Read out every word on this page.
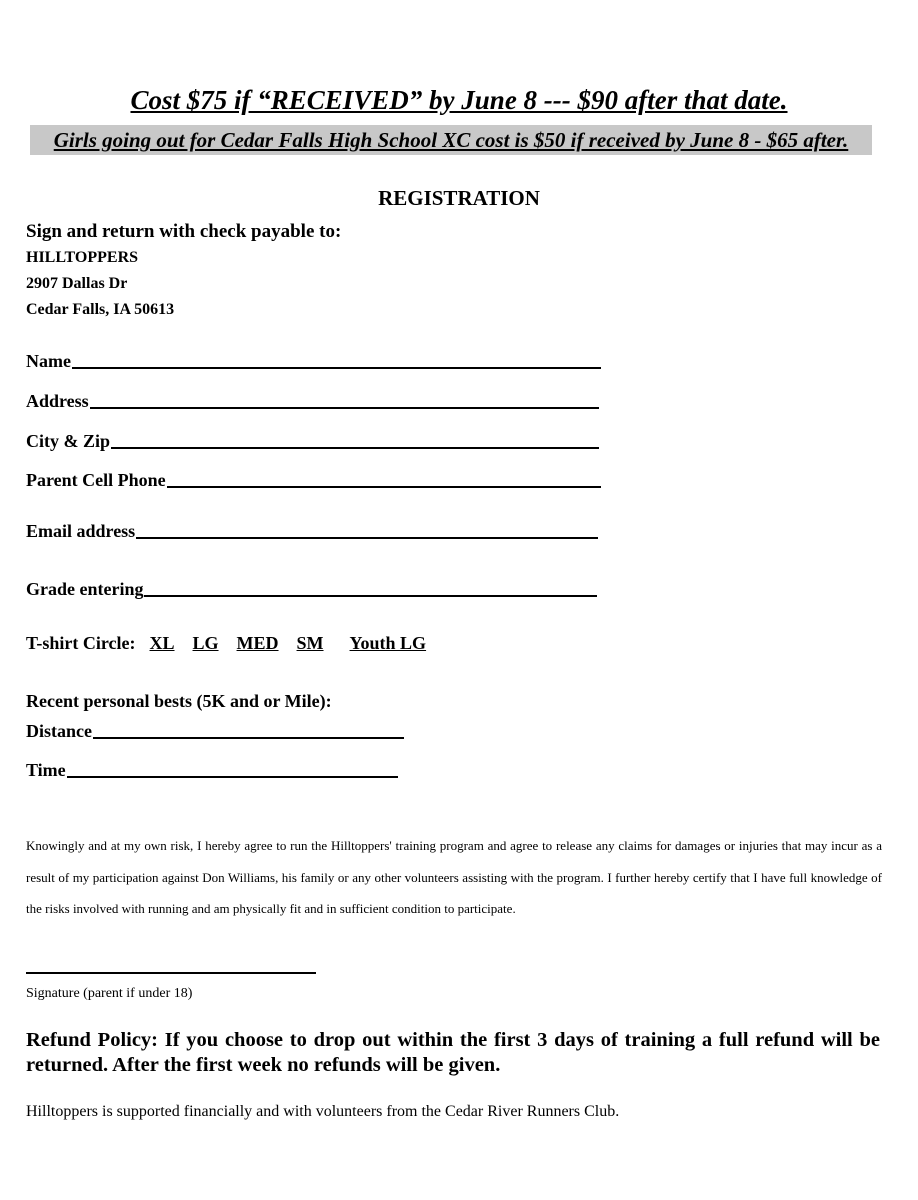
Cost $75 if “RECEIVED” by June 8 --- $90 after that date.
Girls going out for Cedar Falls High School XC cost is $50 if received by June 8 - $65 after.
REGISTRATION
Sign and return with check payable to:
HILLTOPPERS
2907 Dallas Dr
Cedar Falls, IA 50613
Name
Address
City & Zip
Parent Cell Phone
Email address
Grade entering
T-shirt Circle: XL LG MED SM Youth LG
Recent personal bests (5K and or Mile):
Distance
Time
Knowingly and at my own risk, I hereby agree to run the Hilltoppers' training program and agree to release any claims for damages or injuries that may incur as a result of my participation against Don Williams, his family or any other volunteers assisting with the program. I further hereby certify that I have full knowledge of the risks involved with running and am physically fit and in sufficient condition to participate.
Signature (parent if under 18)
Refund Policy: If you choose to drop out within the first 3 days of training a full refund will be returned. After the first week no refunds will be given.
Hilltoppers is supported financially and with volunteers from the Cedar River Runners Club.
